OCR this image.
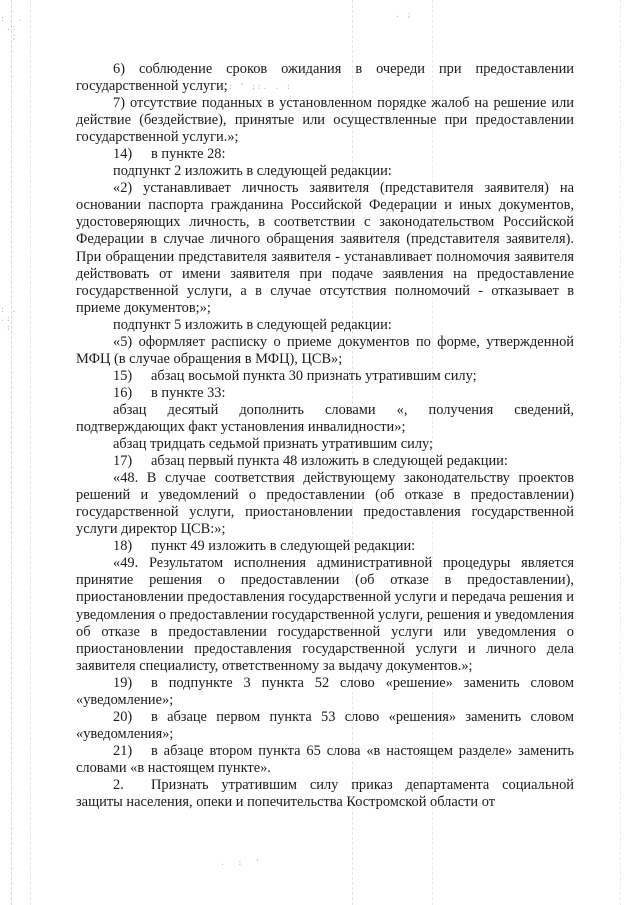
:  .
.:
;
: .
.:
:
.: ' ;:. . :
. ;
.  :  '

6) соблюдение сроков ожидания в очереди при предоставлении государственной услуги;

7) отсутствие поданных в установленном порядке жалоб на решение или действие (бездействие), принятые или осуществленные при предоставлении государственной услуги.»;

14) в пункте 28:

подпункт 2 изложить в следующей редакции:

«2) устанавливает личность заявителя (представителя заявителя) на основании паспорта гражданина Российской Федерации и иных документов, удостоверяющих личность, в соответствии с законодательством Российской Федерации в случае личного обращения заявителя (представителя заявителя). При обращении представителя заявителя - устанавливает полномочия заявителя действовать от имени заявителя при подаче заявления на предоставление государственной услуги, а в случае отсутствия полномочий - отказывает в приеме документов;»;

подпункт 5 изложить в следующей редакции:

«5) оформляет расписку о приеме документов по форме, утвержденной МФЦ (в случае обращения в МФЦ), ЦСВ»;

15) абзац восьмой пункта 30 признать утратившим силу;

16) в пункте 33:

абзац десятый дополнить словами «, получения сведений, подтверждающих факт установления инвалидности»;

абзац тридцать седьмой признать утратившим силу;

17) абзац первый пункта 48 изложить в следующей редакции:

«48. В случае соответствия действующему законодательству проектов решений и уведомлений о предоставлении (об отказе в предоставлении) государственной услуги, приостановлении предоставления государственной услуги директор ЦСВ:»;

18) пункт 49 изложить в следующей редакции:

«49. Результатом исполнения административной процедуры является принятие решения о предоставлении (об отказе в предоставлении), приостановлении предоставления государственной услуги и передача решения и уведомления о предоставлении государственной услуги, решения и уведомления об отказе в предоставлении государственной услуги или уведомления о приостановлении предоставления государственной услуги и личного дела заявителя специалисту, ответственному за выдачу документов.»;

19) в подпункте 3 пункта 52 слово «решение» заменить словом «уведомление»;

20) в абзаце первом пункта 53 слово «решения» заменить словом «уведомления»;

21) в абзаце втором пункта 65 слова «в настоящем разделе» заменить словами «в настоящем пункте».

2. Признать утратившим силу приказ департамента социальной защиты населения, опеки и попечительства Костромской области от
